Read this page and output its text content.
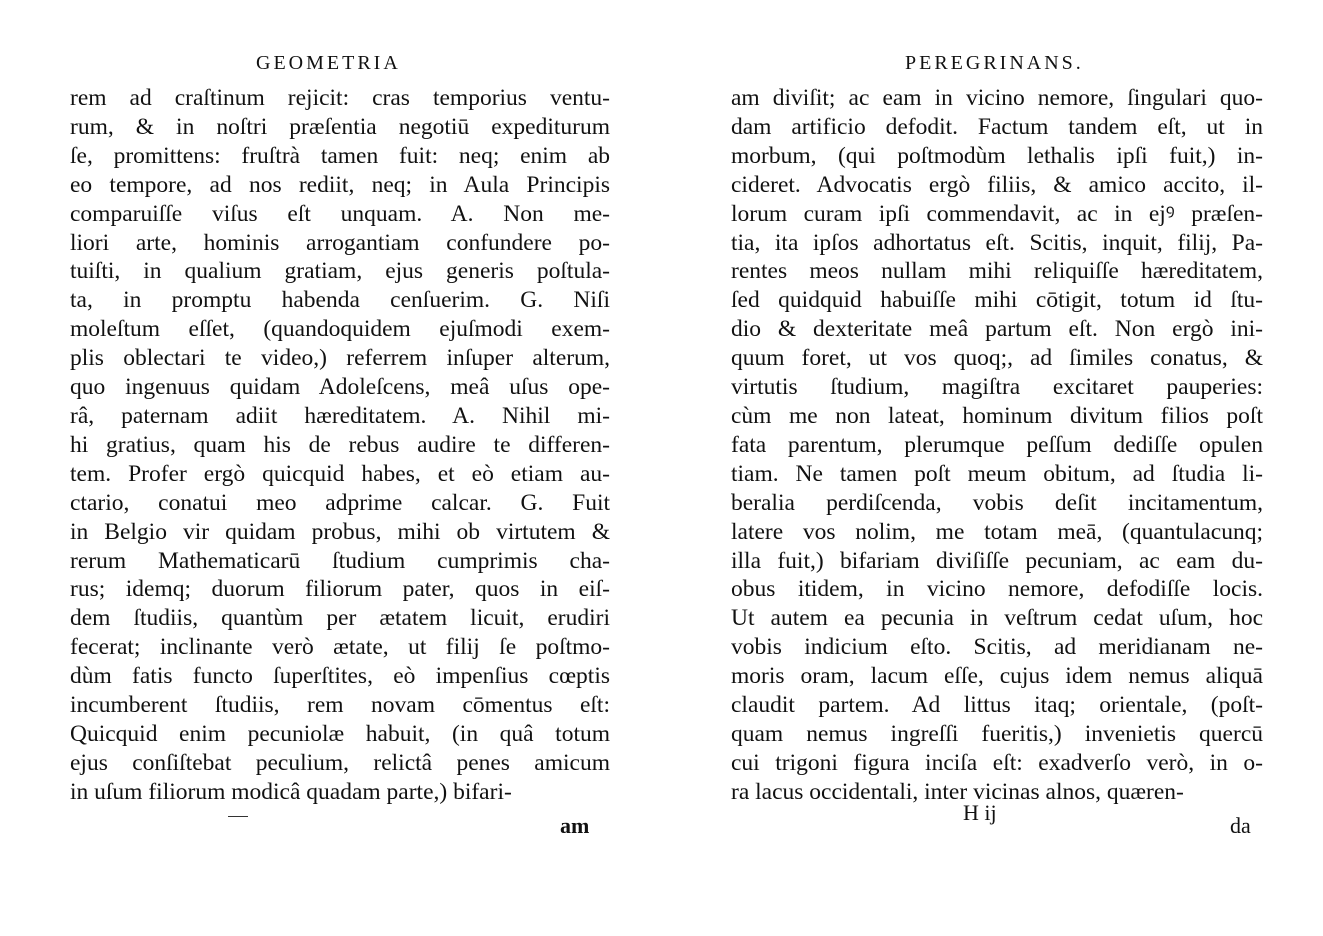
GEOMETRIA
rem ad craſtinum rejicit: cras temporius ventu-
rum, & in noſtri præſentia negotiū expediturum
ſe, promittens: fruſtrà tamen fuit: neq; enim ab
eo tempore, ad nos rediit, neq; in Aula Principis
comparuiſſe viſus eſt unquam. A. Non me-
liori arte, hominis arrogantiam confundere po-
tuiſti, in qualium gratiam, ejus generis poſtula-
ta, in promptu habenda cenſuerim. G. Niſi
moleſtum eſſet, (quandoquidem ejuſmodi exem-
plis oblectari te video,) referrem inſuper alterum,
quo ingenuus quidam Adoleſcens, meâ uſus ope-
râ, paternam adiit hæreditatem. A. Nihil mi-
hi gratius, quam his de rebus audire te differen-
tem. Profer ergò quicquid habes, et eò etiam au-
ctario, conatui meo adprime calcar. G. Fuit
in Belgio vir quidam probus, mihi ob virtutem &
rerum Mathematicarū ſtudium cumprimis cha-
rus; idemq; duorum filiorum pater, quos in eiſ-
dem ſtudiis, quantùm per ætatem licuit, erudiri
fecerat; inclinante verò ætate, ut filij ſe poſtmo-
dùm fatis functo ſuperſtites, eò impenſius cœptis
incumberent ſtudiis, rem novam cōmentus eſt:
Quicquid enim pecuniolæ habuit, (in quâ totum
ejus conſiſtebat peculium, relictâ penes amicum
in uſum filiorum modicâ quadam parte,) bifari-

am

PEREGRINANS.
am diviſit; ac eam in vicino nemore, ſingulari quo-
dam artificio defodit. Factum tandem eſt, ut in
morbum, (qui poſtmodùm lethalis ipſi fuit,) in-
cideret. Advocatis ergò filiis, & amico accito, il-
lorum curam ipſi commendavit, ac in ejꝰ præſen-
tia, ita ipſos adhortatus eſt. Scitis, inquit, filij, Pa-
rentes meos nullam mihi reliquiſſe hæreditatem,
ſed quidquid habuiſſe mihi cōtigit, totum id ſtu-
dio & dexteritate meâ partum eſt. Non ergò ini-
quum foret, ut vos quoq;, ad ſimiles conatus, &
virtutis ſtudium, magiſtra excitaret pauperies:
cùm me non lateat, hominum divitum filios poſt
fata parentum, plerumque peſſum dediſſe opulen
tiam. Ne tamen poſt meum obitum, ad ſtudia li-
beralia perdiſcenda, vobis deſit incitamentum,
latere vos nolim, me totam meā, (quantulacunq;
illa fuit,) bifariam diviſiſſe pecuniam, ac eam du-
obus itidem, in vicino nemore, defodiſſe locis.
Ut autem ea pecunia in veſtrum cedat uſum, hoc
vobis indicium eſto. Scitis, ad meridianam ne-
moris oram, lacum eſſe, cujus idem nemus aliquā
claudit partem. Ad littus itaq; orientale, (poſt-
quam nemus ingreſſi fueritis,) invenietis quercū
cui trigoni figura inciſa eſt: exadverſo verò, in o-
ra lacus occidentali, inter vicinas alnos, quæren-

H ij

da
